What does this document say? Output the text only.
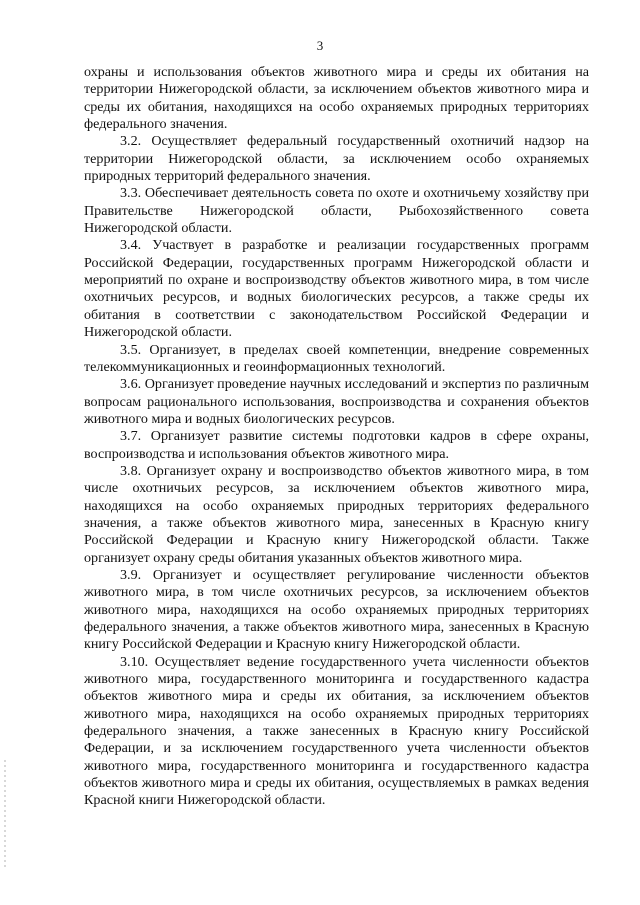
3

охраны и использования объектов животного мира и среды их обитания на территории Нижегородской области, за исключением объектов животного мира и среды их обитания, находящихся на особо охраняемых природных территориях федерального значения.

3.2. Осуществляет федеральный государственный охотничий надзор на территории Нижегородской области, за исключением особо охраняемых природных территорий федерального значения.

3.3. Обеспечивает деятельность совета по охоте и охотничьему хозяйству при Правительстве Нижегородской области, Рыбохозяйственного совета Нижегородской области.

3.4. Участвует в разработке и реализации государственных программ Российской Федерации, государственных программ Нижегородской области и мероприятий по охране и воспроизводству объектов животного мира, в том числе охотничьих ресурсов, и водных биологических ресурсов, а также среды их обитания в соответствии с законодательством Российской Федерации и Нижегородской области.

3.5. Организует, в пределах своей компетенции, внедрение современных телекоммуникационных и геоинформационных технологий.

3.6. Организует проведение научных исследований и экспертиз по различным вопросам рационального использования, воспроизводства и сохранения объектов животного мира и водных биологических ресурсов.

3.7. Организует развитие системы подготовки кадров в сфере охраны, воспроизводства и использования объектов животного мира.

3.8. Организует охрану и воспроизводство объектов животного мира, в том числе охотничьих ресурсов, за исключением объектов животного мира, находящихся на особо охраняемых природных территориях федерального значения, а также объектов животного мира, занесенных в Красную книгу Российской Федерации и Красную книгу Нижегородской области. Также организует охрану среды обитания указанных объектов животного мира.

3.9. Организует и осуществляет регулирование численности объектов животного мира, в том числе охотничьих ресурсов, за исключением объектов животного мира, находящихся на особо охраняемых природных территориях федерального значения, а также объектов животного мира, занесенных в Красную книгу Российской Федерации и Красную книгу Нижегородской области.

3.10. Осуществляет ведение государственного учета численности объектов животного мира, государственного мониторинга и государственного кадастра объектов животного мира и среды их обитания, за исключением объектов животного мира, находящихся на особо охраняемых природных территориях федерального значения, а также занесенных в Красную книгу Российской Федерации, и за исключением государственного учета численности объектов животного мира, государственного мониторинга и государственного кадастра объектов животного мира и среды их обитания, осуществляемых в рамках ведения Красной книги Нижегородской области.
